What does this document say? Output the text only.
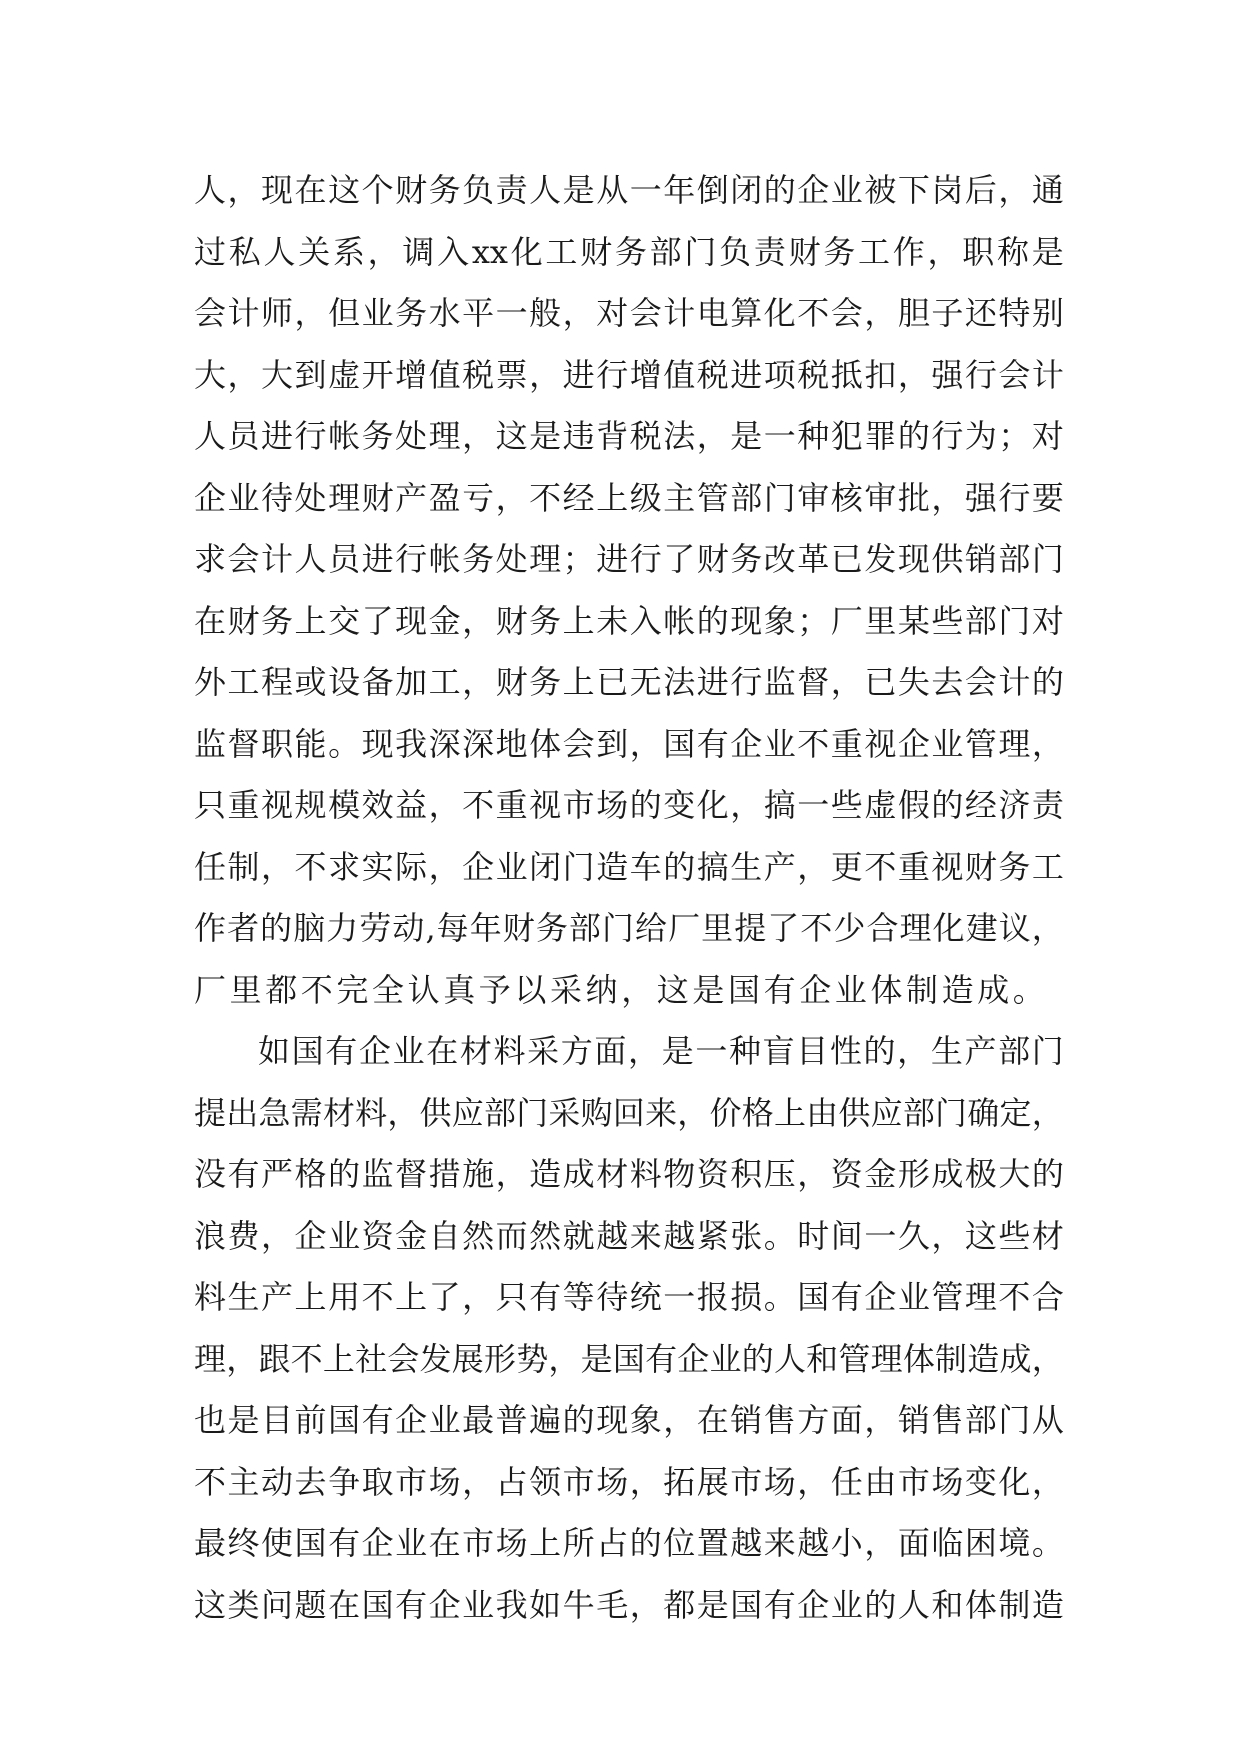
人 ， 现 在 这 个 财 务 负 责 人 是 从 一 年 倒 闭 的 企 业 被 下 岗 后 ， 通
过 私 人 关 系 ， 调 入 xx 化 工 财 务 部 门 负 责 财 务 工 作 ， 职 称 是
会 计 师 ， 但 业 务 水 平 一 般 ， 对 会 计 电 算 化 不 会 ， 胆 子 还 特 别
大 ， 大 到 虚 开 增 值 税 票 ， 进 行 增 值 税 进 项 税 抵 扣 ， 强 行 会 计
人 员 进 行 帐 务 处 理 ， 这 是 违 背 税 法 ， 是 一 种 犯 罪 的 行 为 ； 对
企 业 待 处 理 财 产 盈 亏 ， 不 经 上 级 主 管 部 门 审 核 审 批 ， 强 行 要
求 会 计 人 员 进 行 帐 务 处 理 ； 进 行 了 财 务 改 革 已 发 现 供 销 部 门
在 财 务 上 交 了 现 金 ， 财 务 上 未 入 帐 的 现 象 ； 厂 里 某 些 部 门 对
外 工 程 或 设 备 加 工 ， 财 务 上 已 无 法 进 行 监 督 ， 已 失 去 会 计 的
监 督 职 能 。 现 我 深 深 地 体 会 到 ， 国 有 企 业 不 重 视 企 业 管 理 ，
只 重 视 规 模 效 益 ， 不 重 视 市 场 的 变 化 ， 搞 一 些 虚 假 的 经 济 责
任 制 ， 不 求 实 际 ， 企 业 闭 门 造 车 的 搞 生 产 ， 更 不 重 视 财 务 工
作 者 的 脑 力 劳 动 , 每 年 财 务 部 门 给 厂 里 提 了 不 少 合 理 化 建 议 ，
厂里都不完全认真予以采纳，这是国有企业体制造成。
如 国 有 企 业 在 材 料 采 方 面 ， 是 一 种 盲 目 性 的 ， 生 产 部 门
提 出 急 需 材 料 ， 供 应 部 门 采 购 回 来 ， 价 格 上 由 供 应 部 门 确 定 ，
没 有 严 格 的 监 督 措 施 ， 造 成 材 料 物 资 积 压 ， 资 金 形 成 极 大 的
浪 费 ， 企 业 资 金 自 然 而 然 就 越 来 越 紧 张 。 时 间 一 久 ， 这 些 材
料 生 产 上 用 不 上 了 ， 只 有 等 待 统 一 报 损 。 国 有 企 业 管 理 不 合
理 ， 跟 不 上 社 会 发 展 形 势 ， 是 国 有 企 业 的 人 和 管 理 体 制 造 成 ，
也 是 目 前 国 有 企 业 最 普 遍 的 现 象 ， 在 销 售 方 面 ， 销 售 部 门 从
不 主 动 去 争 取 市 场 ， 占 领 市 场 ， 拓 展 市 场 ， 任 由 市 场 变 化 ，
最 终 使 国 有 企 业 在 市 场 上 所 占 的 位 置 越 来 越 小 ， 面 临 困 境 。
这 类 问 题 在 国 有 企 业 我 如 牛 毛 ， 都 是 国 有 企 业 的 人 和 体 制 造
